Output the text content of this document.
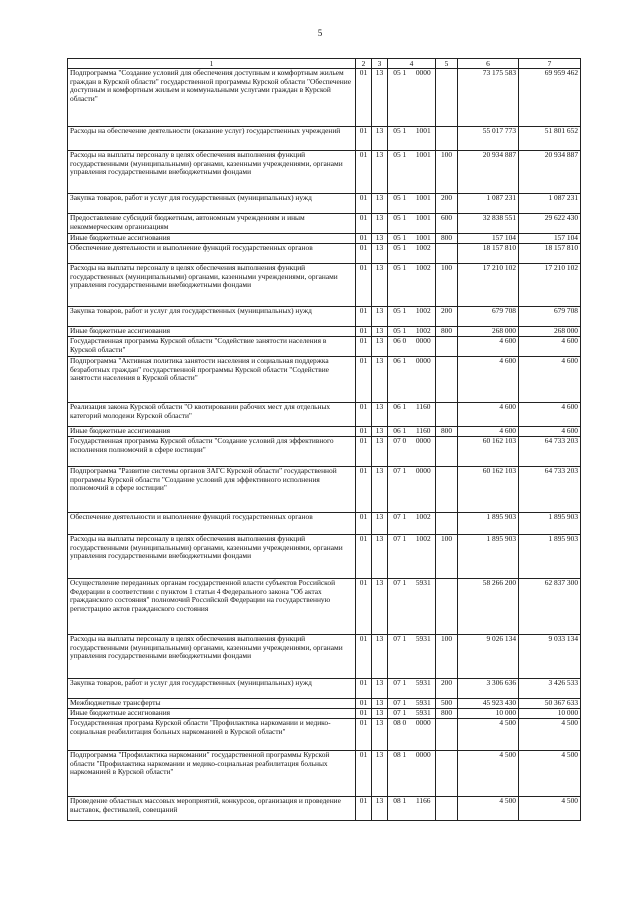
5
1	2	3	4		5	6	7
Подпрограмма "Создание условий для обеспечения доступным и комфортным жильем граждан в Курской области" государственной программы Курской области "Обеспечение доступным и комфортным жильем и коммунальными услугами граждан в Курской области"	01	13	05 1	0000		73 175 583	69 959 462
Расходы на обеспечение деятельности (оказание услуг) государственных учреждений	01	13	05 1	1001		55 017 773	51 801 652
Расходы на выплаты персоналу в целях обеспечения выполнения функций государственными (муниципальными) органами, казенными учреждениями, органами управления государственными внебюджетными фондами	01	13	05 1	1001	100	20 934 887	20 934 887
Закупка товаров, работ и услуг для государственных (муниципальных) нужд	01	13	05 1	1001	200	1 087 231	1 087 231
Предоставление субсидий бюджетным, автономным учреждениям и иным некоммерческим организациям	01	13	05 1	1001	600	32 838 551	29 622 430
Иные бюджетные ассигнования	01	13	05 1	1001	800	157 104	157 104
Обеспечение деятельности и выполнение функций государственных органов	01	13	05 1	1002		18 157 810	18 157 810
Расходы на выплаты персоналу в целях обеспечения выполнения функций государственных (муниципальными) органами, казенными учреждениями, органами управления государственными внебюджетными фондами	01	13	05 1	1002	100	17 210 102	17 210 102
Закупка товаров, работ и услуг для государственных (муниципальных) нужд	01	13	05 1	1002	200	679 708	679 708
Иные бюджетные ассигнования	01	13	05 1	1002	800	268 000	268 000
Государственная программа Курской области "Содействие занятости населения в Курской области"	01	13	06 0	0000		4 600	4 600
Подпрограмма "Активная политика занятости населения и социальная поддержка безработных граждан" государственной программы Курской области "Содействие занятости населения в Курской области"	01	13	06 1	0000		4 600	4 600
Реализация закона Курской области "О квотировании рабочих мест для отдельных категорий молодежи Курской области"	01	13	06 1	1160		4 600	4 600
Иные бюджетные ассигнования	01	13	06 1	1160	800	4 600	4 600
Государственная программа Курской области "Создание условий для эффективного исполнения полномочий в сфере юстиции"	01	13	07 0	0000		60 162 103	64 733 203
Подпрограмма "Развитие системы органов ЗАГС Курской области" государственной программы Курской области "Создание условий для эффективного исполнения полномочий в сфере юстиции"	01	13	07 1	0000		60 162 103	64 733 203
Обеспечение деятельности и выполнение функций государственных органов	01	13	07 1	1002		1 895 903	1 895 903
Расходы на выплаты персоналу в целях обеспечения выполнения функций государственными (муниципальными) органами, казенными учреждениями, органами управления государственными внебюджетными фондами	01	13	07 1	1002	100	1 895 903	1 895 903
Осуществление переданных органам государственной власти субъектов Российской Федерации в соответствии с пунктом 1 статьи 4 Федерального закона "Об актах гражданского состояния" полномочий Российской Федерации на государственную регистрацию актов гражданского состояния	01	13	07 1	5931		58 266 200	62 837 300
Расходы на выплаты персоналу в целях обеспечения выполнения функций государственными (муниципальными) органами, казенными учреждениями, органами управления государственными внебюджетными фондами	01	13	07 1	5931	100	9 026 134	9 033 134
Закупка товаров, работ и услуг для государственных (муниципальных) нужд	01	13	07 1	5931	200	3 306 636	3 426 533
Межбюджетные трансферты	01	13	07 1	5931	500	45 923 430	50 367 633
Иные бюджетные ассигнования	01	13	07 1	5931	800	10 000	10 000
Государственная програма Курской области "Профилактика наркомании и медико-социальная реабилитация больных наркоманией в Курской области"	01	13	08 0	0000		4 500	4 500
Подпрограмма "Профилактика наркомании" государственной программы Курской области "Профилактика наркомании и медико-социальная реабилитация больных наркоманией в Курской области"	01	13	08 1	0000		4 500	4 500
Проведение областных массовых мероприятий, конкурсов, организация и проведение выставок, фестивалей, совещаний	01	13	08 1	1166		4 500	4 500
